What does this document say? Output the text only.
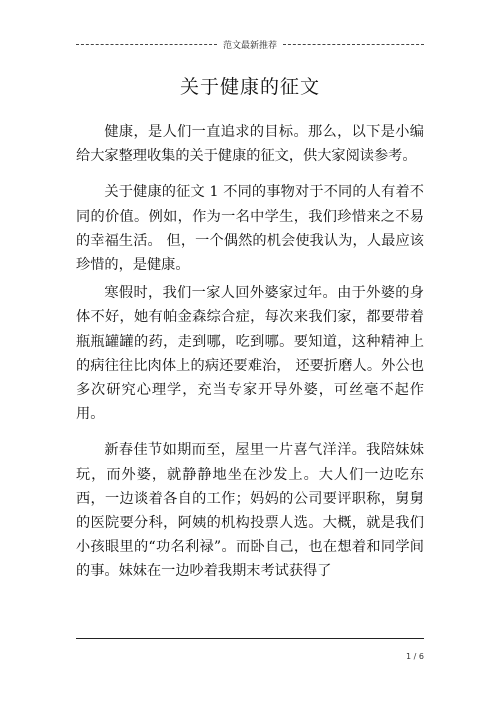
范文最新推荐
关于健康的征文

健康，是人们一直追求的目标。那么，以下是小编给大家整理收集的关于健康的征文，供大家阅读参考。

关于健康的征文 1 不同的事物对于不同的人有着不同的价值。例如，作为一名中学生，我们珍惜来之不易的幸福生活。 但，一个偶然的机会使我认为，人最应该珍惜的，是健康。

寒假时，我们一家人回外婆家过年。由于外婆的身体不好，她有帕金森综合症，每次来我们家，都要带着瓶瓶罐罐的药，走到哪，吃到哪。要知道，这种精神上的病往往比肉体上的病还要难治， 还要折磨人。外公也多次研究心理学，充当专家开导外婆，可丝毫不起作用。

新春佳节如期而至，屋里一片喜气洋洋。我陪妹妹玩，而外婆，就静静地坐在沙发上。大人们一边吃东西，一边谈着各自的工作；妈妈的公司要评职称，舅舅的医院要分科，阿姨的机构投票人选。大概，就是我们小孩眼里的“功名利禄”。而卧自己，也在想着和同学间的事。妹妹在一边吵着我期末考试获得了

1 / 6
